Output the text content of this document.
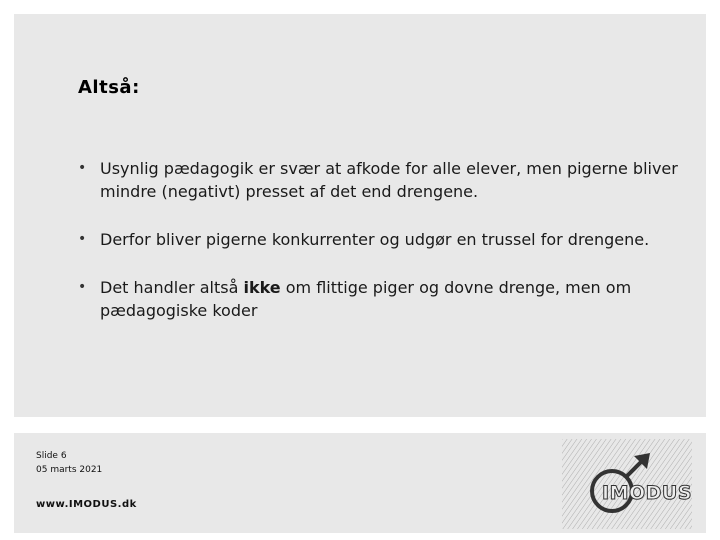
Altså:
• Usynlig pædagogik er svær at afkode for alle elever, men pigerne bliver mindre (negativt) presset af det end drengene.
• Derfor bliver pigerne konkurrenter og udgør en trussel for drengene.
• Det handler altså ikke om flittige piger og dovne drenge, men om pædagogiske koder
Slide 6
05 marts 2021
www.IMODUS.dk
IMODUS
